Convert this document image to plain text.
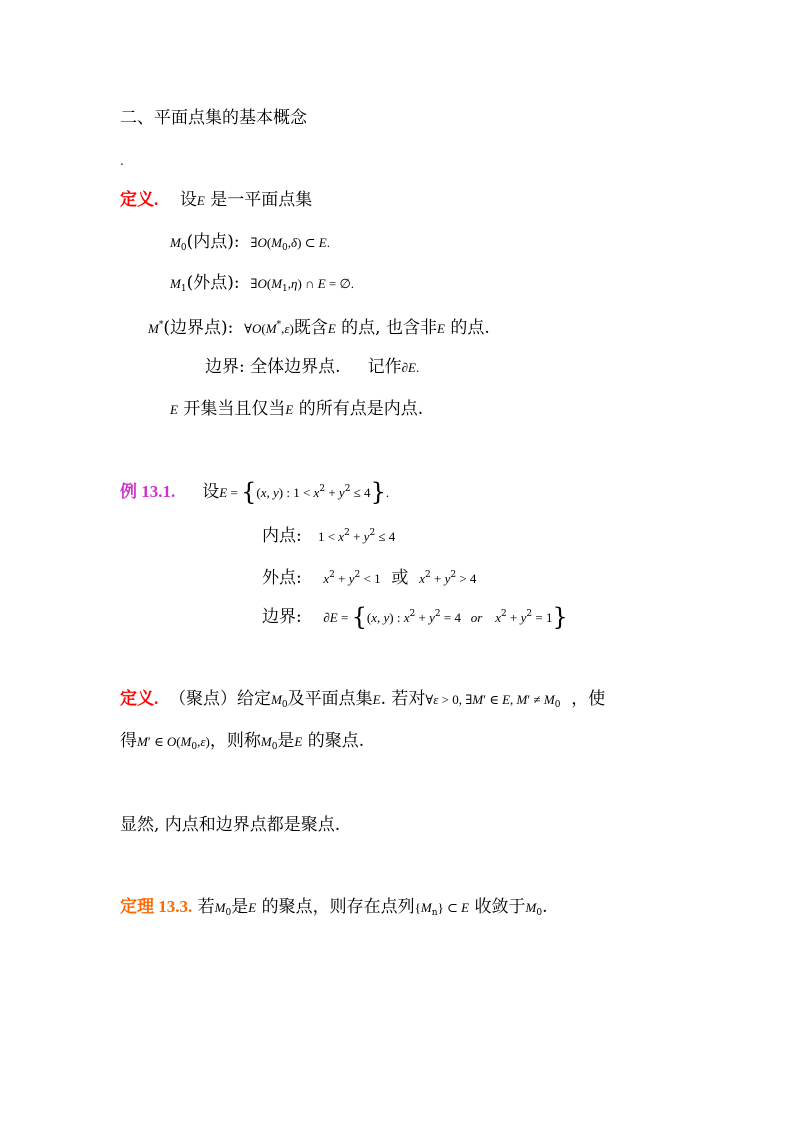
二、平面点集的基本概念
.
定义. 设E 是一平面点集
$M_0$(内点): $\exists O(M_0,\delta)$ ⊂ E.
$M_1$(外点): $\exists O(M_1,\eta)$ ∩ E = ∅.
M*(边界点): ∀O(M*,ε)既含E 的点, 也含非E 的点.
边界: 全体边界点. 记作∂E.
E 开集当且仅当E 的所有点是内点.
例 13.1. 设E = {(x, y) : $1 < x^2 + y^2 \le 4$}.
内点: $1 < x^2 + y^2 \le 4$
外点: $x^2 + y^2 < 1$ 或 $x^2 + y^2 > 4$
边界: ∂E = {(x, y) : $x^2 + y^2 = 4$   or $x^2 + y^2 = 1$}
定义. （聚点）给定$M_0$及平面点集E. 若对∀ε > 0, ∃M′ ∈ E, $M' \ne M_0$ ，使
得M′ ∈ $O(M_0,\varepsilon)$，则称$M_0$是E 的聚点.
显然, 内点和边界点都是聚点.
定理 13.3. 若$M_0$是E 的聚点，则存在点列$\{M_n\}$ ⊂ E 收敛于$M_0$.
